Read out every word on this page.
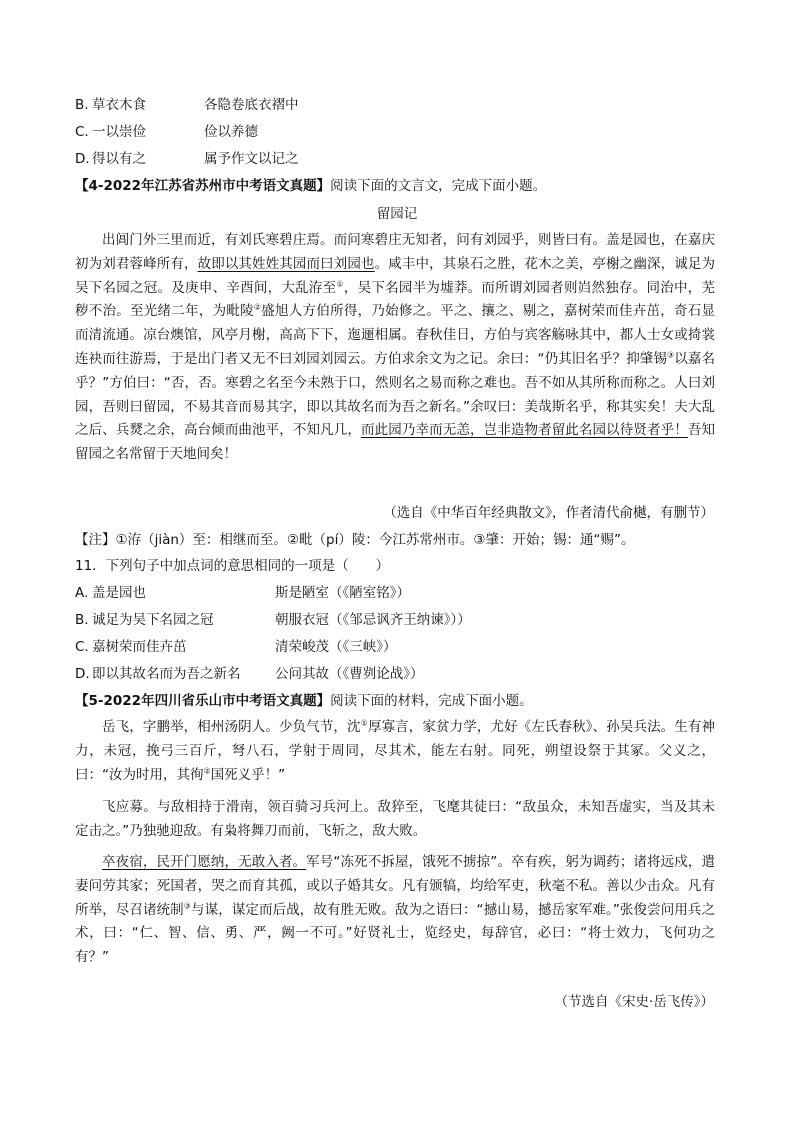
B. 草衣木食	各隐卷底衣褶中
C. 一以崇俭	俭以养德
D. 得以有之	属予作文以记之
【4-2022年江苏省苏州市中考语文真题】阅读下面的文言文，完成下面小题。
留园记
出阊门外三里而近，有刘氏寒碧庄焉。而问寒碧庄无知者，问有刘园乎，则皆曰有。盖是园也，在嘉庆初为刘君蓉峰所有，故即以其姓姓其园而曰刘园也。咸丰中，其泉石之胜，花木之美，亭榭之幽深，诚足为吴下名园之冠。及庚申、辛酉间，大乱洊至①，吴下名园半为墟莽。而所谓刘园者则岿然独存。同治中，芜秽不治。至光绪二年，为毗陵②盛旭人方伯所得，乃始修之。平之、攘之、剔之，嘉树荣而佳卉茁，奇石显而清流通。凉台燠馆，风亭月榭，高高下下，迤逦相属。春秋佳日，方伯与宾客觞咏其中，都人士女或掎裳连袂而往游焉，于是出门者又无不曰刘园刘园云。方伯求余文为之记。余曰：“仍其旧名乎？抑肇锡③以嘉名乎？”方伯曰：“否，否。寒碧之名至今未熟于口，然则名之易而称之难也。吾不如从其所称而称之。人曰刘园，吾则曰留园，不易其音而易其字，即以其故名而为吾之新名。”余叹曰：美哉斯名乎，称其实矣！夫大乱之后、兵燹之余，高台倾而曲池平，不知凡几，而此园乃幸而无恙，岂非造物者留此名园以待贤者乎！吾知留园之名常留于天地间矣！
（选自《中华百年经典散文》，作者清代俞樾，有删节）
【注】①洊（jiàn）至：相继而至。②毗（pí）陵：今江苏常州市。③肇：开始；锡：通“赐”。
11．下列句子中加点词的意思相同的一项是（　　）
A. 盖是园也	斯是陋室（《陋室铭》）
B. 诚足为吴下名园之冠	朝服衣冠（《邹忌讽齐王纳谏》））
C. 嘉树荣而佳卉茁	清荣峻茂（《三峡》）
D. 即以其故名而为吾之新名	公问其故（《曹刿论战》）
【5-2022年四川省乐山市中考语文真题】阅读下面的材料，完成下面小题。
岳飞，字鹏举，相州汤阴人。少负气节，沈①厚寡言，家贫力学，尤好《左氏春秋》、孙吴兵法。生有神力，未冠，挽弓三百斤，弩八石，学射于周同，尽其术，能左右射。同死，朔望设祭于其冢。父义之，曰：“汝为时用，其徇②国死义乎！”
飞应募。与敌相持于滑南，领百骑习兵河上。敌猝至，飞麾其徒曰：“敌虽众，未知吾虚实，当及其未定击之。”乃独驰迎敌。有枭将舞刀而前，飞斩之，敌大败。
卒夜宿，民开门愿纳，无敢入者。军号“冻死不拆屋，饿死不掳掠”。卒有疾，躬为调药；诸将远戍，遣妻问劳其家；死国者，哭之而育其孤，或以子婚其女。凡有颁犒，均给军吏，秋毫不私。善以少击众。凡有所举，尽召诸统制③与谋，谋定而后战，故有胜无败。敌为之语曰：“撼山易，撼岳家军难。”张俊尝问用兵之术，曰：“仁、智、信、勇、严，阙一不可。”好贤礼士，览经史，每辞官，必曰：“将士效力，飞何功之有？”
（节选自《宋史·岳飞传》）
